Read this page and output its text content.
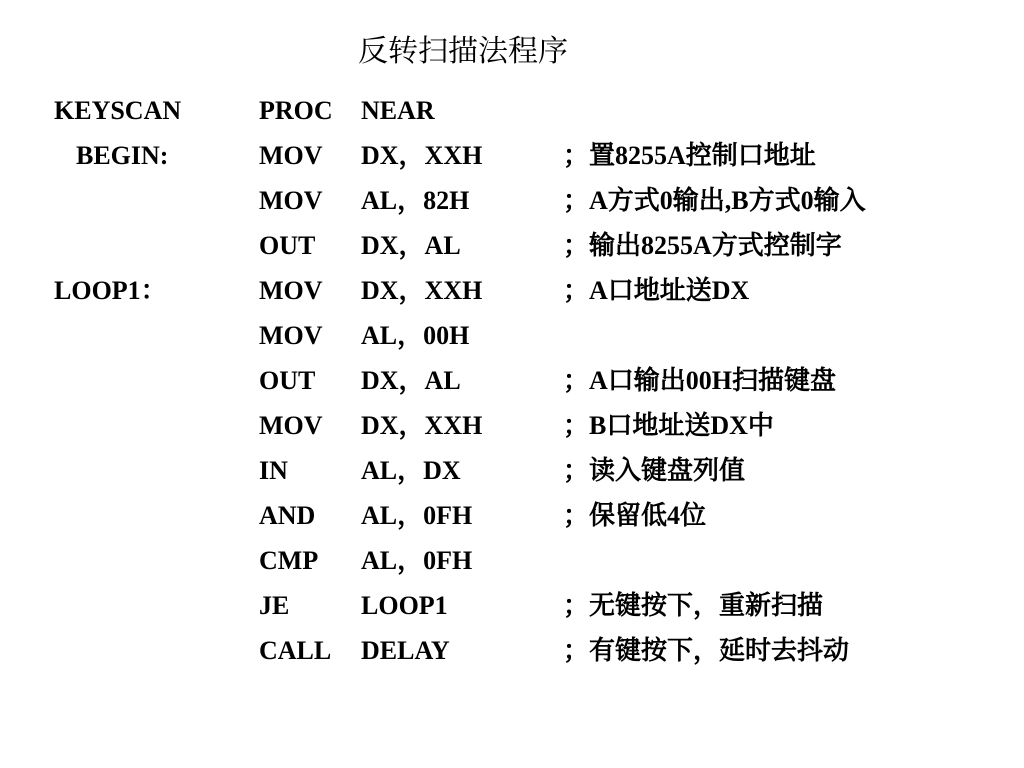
反转扫描法程序
KEYSCAN	PROC NEAR
BEGIN:	MOV DX，XXH	；置8255A控制口地址
MOV AL，82H	；A方式0输出,B方式0输入
OUT DX，AL	；输出8255A方式控制字
LOOP1：	MOV DX，XXH	；A口地址送DX
MOV AL，00H
OUT DX，AL	；A口输出00H扫描键盘
MOV DX，XXH	；B口地址送DX中
IN	AL，DX	；读入键盘列值
AND AL，0FH	；保留低4位
CMP AL，0FH
JE	LOOP1	；无键按下，重新扫描
CALL DELAY	；有键按下，延时去抖动
